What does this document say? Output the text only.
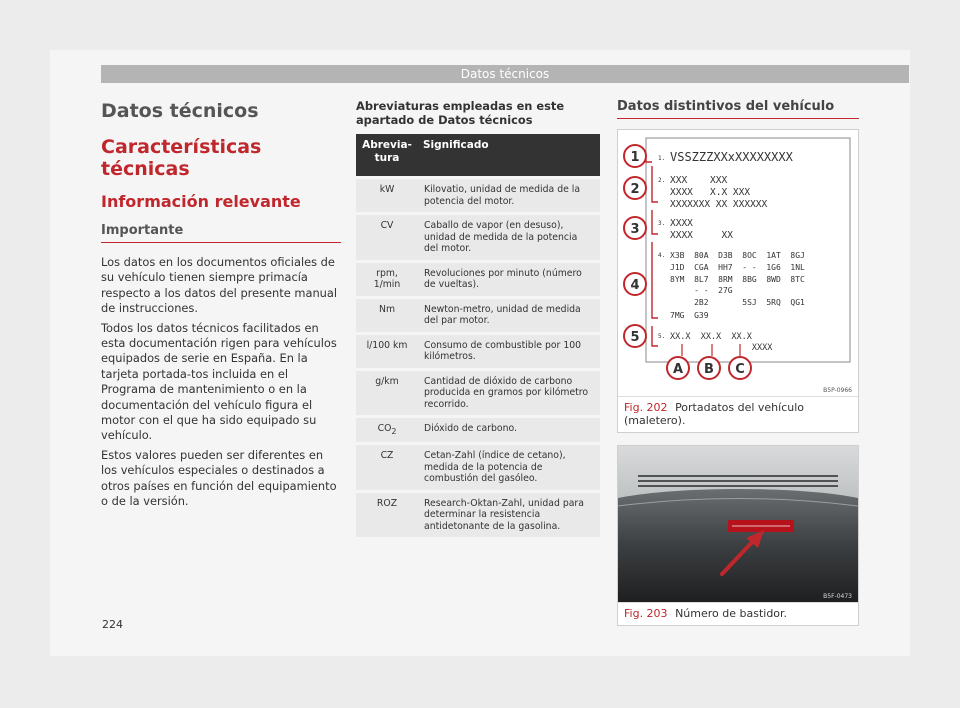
Datos técnicos
Datos técnicos
Características técnicas
Información relevante
Importante

Los datos en los documentos oficiales de su vehículo tienen siempre primacía respecto a los datos del presente manual de instrucciones.

Todos los datos técnicos facilitados en esta documentación rigen para vehículos equipados de serie en España. En la tarjeta portada-tos incluida en el Programa de mantenimiento o en la documentación del vehículo figura el motor con el que ha sido equipado su vehículo.

Estos valores pueden ser diferentes en los vehículos especiales o destinados a otros países en función del equipamiento o de la versión.

Abreviaturas empleadas en este apartado de Datos técnicos
Abrevia-tura	Significado
kW	Kilovatio, unidad de medida de la potencia del motor.
CV	Caballo de vapor (en desuso), unidad de medida de la potencia del motor.
rpm, 1/min	Revoluciones por minuto (número de vueltas).
Nm	Newton-metro, unidad de medida del par motor.
l/100 km	Consumo de combustible por 100 kilómetros.
g/km	Cantidad de dióxido de carbono producida en gramos por kilómetro recorrido.
$CO_2$	Dióxido de carbono.
CZ	Cetan-Zahl (índice de cetano), medida de la potencia de combustión del gasóleo.
ROZ	Research-Oktan-Zahl, unidad para determinar la resistencia antidetonante de la gasolina.
Datos distintivos del vehículo
1
2
3
4
5
1. VSSZZZXXxXXXXXXXX
2. XXX    XXX
XXXX   X.X XXX
XXXXXXX XX XXXXXX
3. XXXX
XXXX     XX
4. X3B  80A  D3B  8OC  1AT  8GJ
J1D  CGA  HH7  - -  1G6  1NL
8YM  8L7  8RM  8BG  8WD  8TC
- -  27G
2B2       5SJ  5RQ  QG1
7MG  G39
5. XX.X  XX.X  XX.X
XXXX
A B C
B5P-0966
Fig. 202 Portadatos del vehículo (maletero).
B5F-0473
Fig. 203 Número de bastidor.
224
